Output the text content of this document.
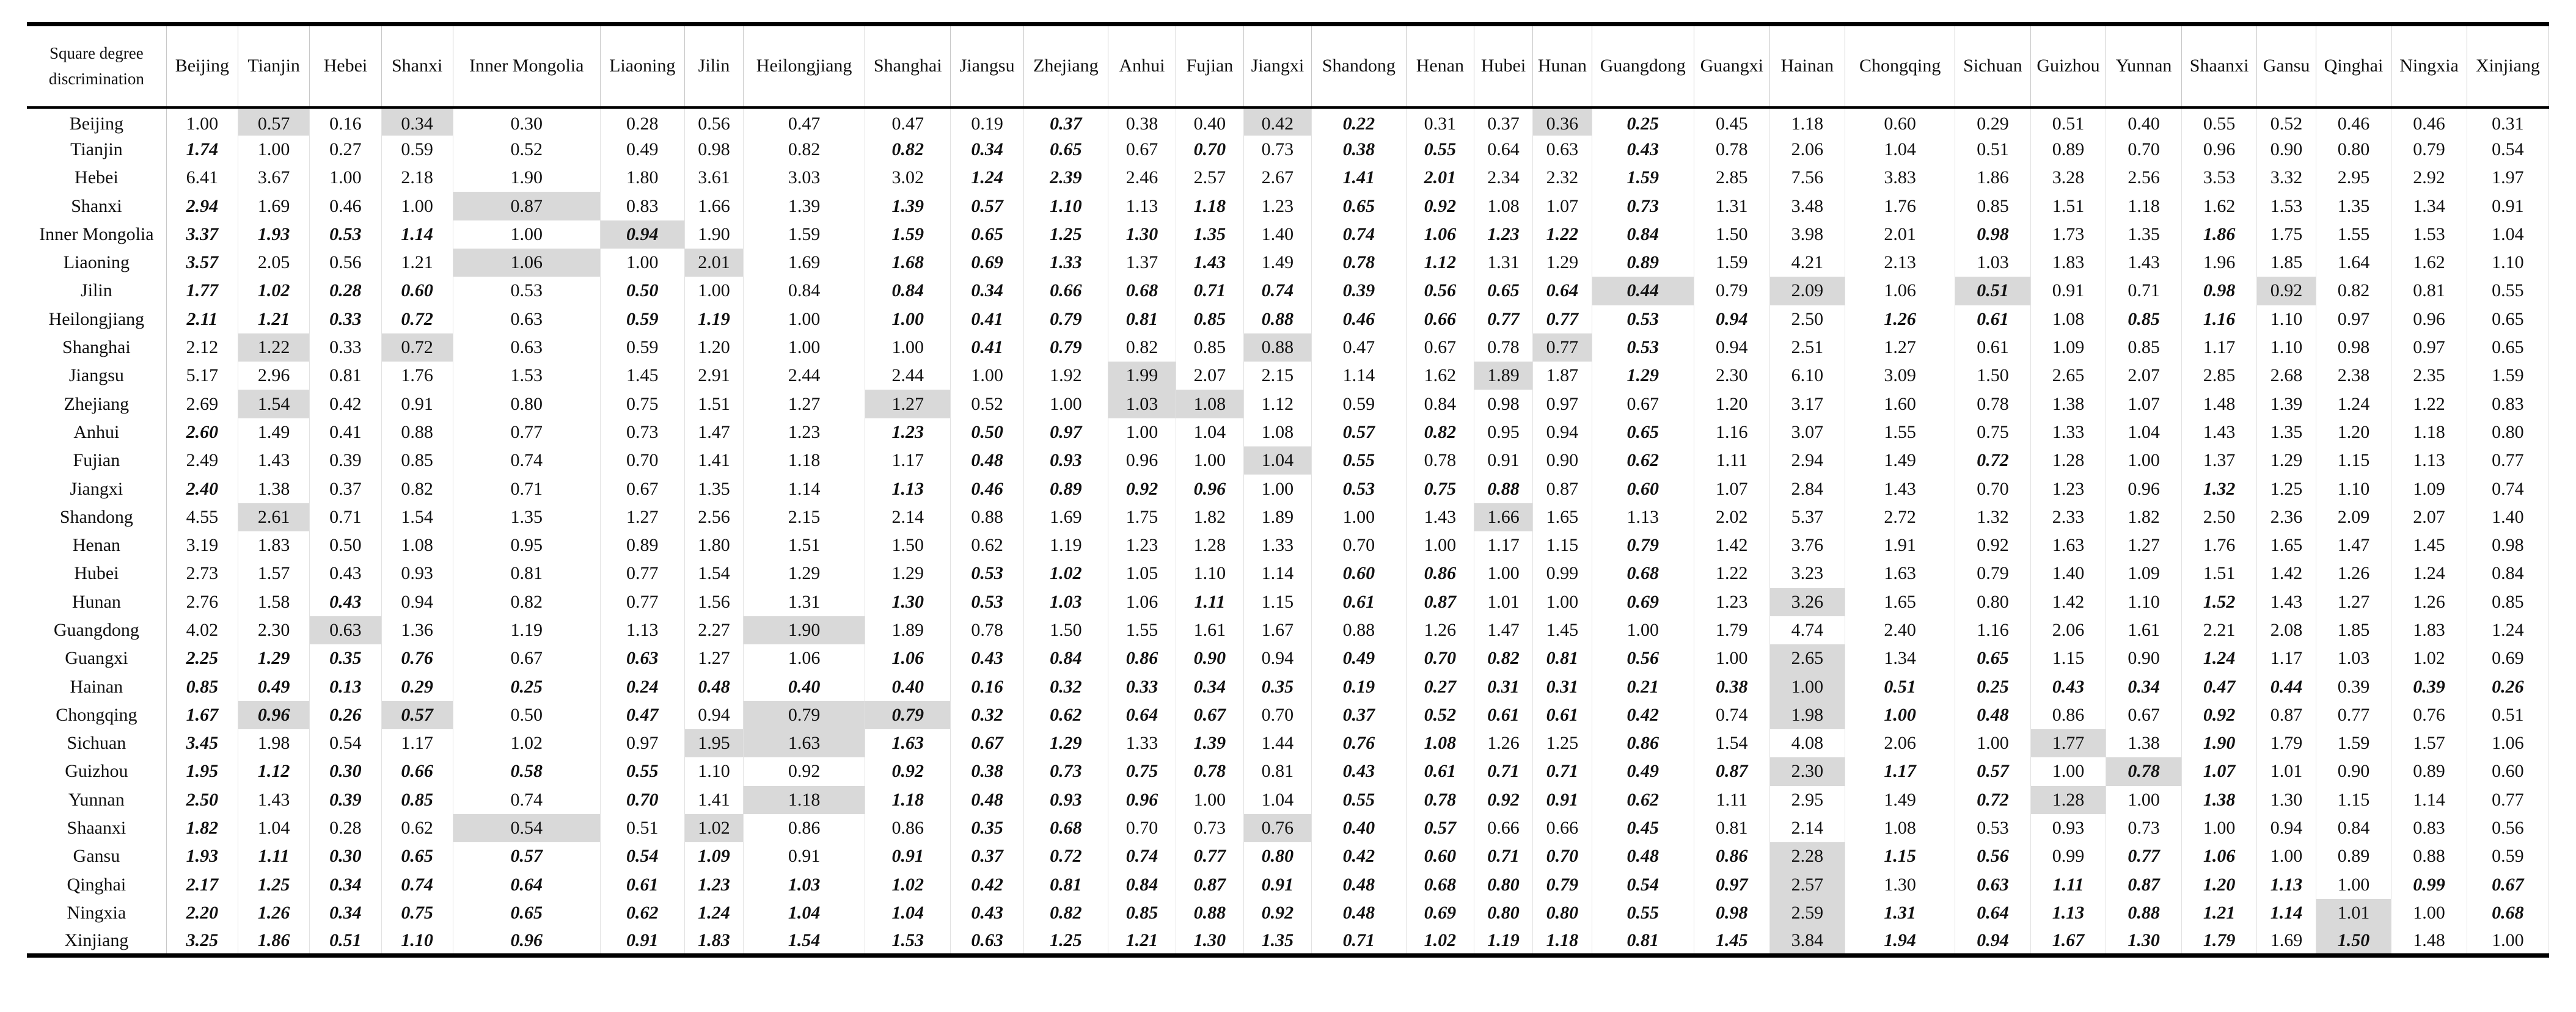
Square degree discrimination	Beijing	Tianjin	Hebei	Shanxi	Inner Mongolia	Liaoning	Jilin	Heilongjiang	Shanghai	Jiangsu	Zhejiang	Anhui	Fujian	Jiangxi	Shandong	Henan	Hubei	Hunan	Guangdong	Guangxi	Hainan	Chongqing	Sichuan	Guizhou	Yunnan	Shaanxi	Gansu	Qinghai	Ningxia	Xinjiang
Beijing	1.00	0.57	0.16	0.34	0.30	0.28	0.56	0.47	0.47	0.19	0.37	0.38	0.40	0.42	0.22	0.31	0.37	0.36	0.25	0.45	1.18	0.60	0.29	0.51	0.40	0.55	0.52	0.46	0.46	0.31
Tianjin	1.74	1.00	0.27	0.59	0.52	0.49	0.98	0.82	0.82	0.34	0.65	0.67	0.70	0.73	0.38	0.55	0.64	0.63	0.43	0.78	2.06	1.04	0.51	0.89	0.70	0.96	0.90	0.80	0.79	0.54
Hebei	6.41	3.67	1.00	2.18	1.90	1.80	3.61	3.03	3.02	1.24	2.39	2.46	2.57	2.67	1.41	2.01	2.34	2.32	1.59	2.85	7.56	3.83	1.86	3.28	2.56	3.53	3.32	2.95	2.92	1.97
Shanxi	2.94	1.69	0.46	1.00	0.87	0.83	1.66	1.39	1.39	0.57	1.10	1.13	1.18	1.23	0.65	0.92	1.08	1.07	0.73	1.31	3.48	1.76	0.85	1.51	1.18	1.62	1.53	1.35	1.34	0.91
Inner Mongolia	3.37	1.93	0.53	1.14	1.00	0.94	1.90	1.59	1.59	0.65	1.25	1.30	1.35	1.40	0.74	1.06	1.23	1.22	0.84	1.50	3.98	2.01	0.98	1.73	1.35	1.86	1.75	1.55	1.53	1.04
Liaoning	3.57	2.05	0.56	1.21	1.06	1.00	2.01	1.69	1.68	0.69	1.33	1.37	1.43	1.49	0.78	1.12	1.31	1.29	0.89	1.59	4.21	2.13	1.03	1.83	1.43	1.96	1.85	1.64	1.62	1.10
Jilin	1.77	1.02	0.28	0.60	0.53	0.50	1.00	0.84	0.84	0.34	0.66	0.68	0.71	0.74	0.39	0.56	0.65	0.64	0.44	0.79	2.09	1.06	0.51	0.91	0.71	0.98	0.92	0.82	0.81	0.55
Heilongjiang	2.11	1.21	0.33	0.72	0.63	0.59	1.19	1.00	1.00	0.41	0.79	0.81	0.85	0.88	0.46	0.66	0.77	0.77	0.53	0.94	2.50	1.26	0.61	1.08	0.85	1.16	1.10	0.97	0.96	0.65
Shanghai	2.12	1.22	0.33	0.72	0.63	0.59	1.20	1.00	1.00	0.41	0.79	0.82	0.85	0.88	0.47	0.67	0.78	0.77	0.53	0.94	2.51	1.27	0.61	1.09	0.85	1.17	1.10	0.98	0.97	0.65
Jiangsu	5.17	2.96	0.81	1.76	1.53	1.45	2.91	2.44	2.44	1.00	1.92	1.99	2.07	2.15	1.14	1.62	1.89	1.87	1.29	2.30	6.10	3.09	1.50	2.65	2.07	2.85	2.68	2.38	2.35	1.59
Zhejiang	2.69	1.54	0.42	0.91	0.80	0.75	1.51	1.27	1.27	0.52	1.00	1.03	1.08	1.12	0.59	0.84	0.98	0.97	0.67	1.20	3.17	1.60	0.78	1.38	1.07	1.48	1.39	1.24	1.22	0.83
Anhui	2.60	1.49	0.41	0.88	0.77	0.73	1.47	1.23	1.23	0.50	0.97	1.00	1.04	1.08	0.57	0.82	0.95	0.94	0.65	1.16	3.07	1.55	0.75	1.33	1.04	1.43	1.35	1.20	1.18	0.80
Fujian	2.49	1.43	0.39	0.85	0.74	0.70	1.41	1.18	1.17	0.48	0.93	0.96	1.00	1.04	0.55	0.78	0.91	0.90	0.62	1.11	2.94	1.49	0.72	1.28	1.00	1.37	1.29	1.15	1.13	0.77
Jiangxi	2.40	1.38	0.37	0.82	0.71	0.67	1.35	1.14	1.13	0.46	0.89	0.92	0.96	1.00	0.53	0.75	0.88	0.87	0.60	1.07	2.84	1.43	0.70	1.23	0.96	1.32	1.25	1.10	1.09	0.74
Shandong	4.55	2.61	0.71	1.54	1.35	1.27	2.56	2.15	2.14	0.88	1.69	1.75	1.82	1.89	1.00	1.43	1.66	1.65	1.13	2.02	5.37	2.72	1.32	2.33	1.82	2.50	2.36	2.09	2.07	1.40
Henan	3.19	1.83	0.50	1.08	0.95	0.89	1.80	1.51	1.50	0.62	1.19	1.23	1.28	1.33	0.70	1.00	1.17	1.15	0.79	1.42	3.76	1.91	0.92	1.63	1.27	1.76	1.65	1.47	1.45	0.98
Hubei	2.73	1.57	0.43	0.93	0.81	0.77	1.54	1.29	1.29	0.53	1.02	1.05	1.10	1.14	0.60	0.86	1.00	0.99	0.68	1.22	3.23	1.63	0.79	1.40	1.09	1.51	1.42	1.26	1.24	0.84
Hunan	2.76	1.58	0.43	0.94	0.82	0.77	1.56	1.31	1.30	0.53	1.03	1.06	1.11	1.15	0.61	0.87	1.01	1.00	0.69	1.23	3.26	1.65	0.80	1.42	1.10	1.52	1.43	1.27	1.26	0.85
Guangdong	4.02	2.30	0.63	1.36	1.19	1.13	2.27	1.90	1.89	0.78	1.50	1.55	1.61	1.67	0.88	1.26	1.47	1.45	1.00	1.79	4.74	2.40	1.16	2.06	1.61	2.21	2.08	1.85	1.83	1.24
Guangxi	2.25	1.29	0.35	0.76	0.67	0.63	1.27	1.06	1.06	0.43	0.84	0.86	0.90	0.94	0.49	0.70	0.82	0.81	0.56	1.00	2.65	1.34	0.65	1.15	0.90	1.24	1.17	1.03	1.02	0.69
Hainan	0.85	0.49	0.13	0.29	0.25	0.24	0.48	0.40	0.40	0.16	0.32	0.33	0.34	0.35	0.19	0.27	0.31	0.31	0.21	0.38	1.00	0.51	0.25	0.43	0.34	0.47	0.44	0.39	0.39	0.26
Chongqing	1.67	0.96	0.26	0.57	0.50	0.47	0.94	0.79	0.79	0.32	0.62	0.64	0.67	0.70	0.37	0.52	0.61	0.61	0.42	0.74	1.98	1.00	0.48	0.86	0.67	0.92	0.87	0.77	0.76	0.51
Sichuan	3.45	1.98	0.54	1.17	1.02	0.97	1.95	1.63	1.63	0.67	1.29	1.33	1.39	1.44	0.76	1.08	1.26	1.25	0.86	1.54	4.08	2.06	1.00	1.77	1.38	1.90	1.79	1.59	1.57	1.06
Guizhou	1.95	1.12	0.30	0.66	0.58	0.55	1.10	0.92	0.92	0.38	0.73	0.75	0.78	0.81	0.43	0.61	0.71	0.71	0.49	0.87	2.30	1.17	0.57	1.00	0.78	1.07	1.01	0.90	0.89	0.60
Yunnan	2.50	1.43	0.39	0.85	0.74	0.70	1.41	1.18	1.18	0.48	0.93	0.96	1.00	1.04	0.55	0.78	0.92	0.91	0.62	1.11	2.95	1.49	0.72	1.28	1.00	1.38	1.30	1.15	1.14	0.77
Shaanxi	1.82	1.04	0.28	0.62	0.54	0.51	1.02	0.86	0.86	0.35	0.68	0.70	0.73	0.76	0.40	0.57	0.66	0.66	0.45	0.81	2.14	1.08	0.53	0.93	0.73	1.00	0.94	0.84	0.83	0.56
Gansu	1.93	1.11	0.30	0.65	0.57	0.54	1.09	0.91	0.91	0.37	0.72	0.74	0.77	0.80	0.42	0.60	0.71	0.70	0.48	0.86	2.28	1.15	0.56	0.99	0.77	1.06	1.00	0.89	0.88	0.59
Qinghai	2.17	1.25	0.34	0.74	0.64	0.61	1.23	1.03	1.02	0.42	0.81	0.84	0.87	0.91	0.48	0.68	0.80	0.79	0.54	0.97	2.57	1.30	0.63	1.11	0.87	1.20	1.13	1.00	0.99	0.67
Ningxia	2.20	1.26	0.34	0.75	0.65	0.62	1.24	1.04	1.04	0.43	0.82	0.85	0.88	0.92	0.48	0.69	0.80	0.80	0.55	0.98	2.59	1.31	0.64	1.13	0.88	1.21	1.14	1.01	1.00	0.68
Xinjiang	3.25	1.86	0.51	1.10	0.96	0.91	1.83	1.54	1.53	0.63	1.25	1.21	1.30	1.35	0.71	1.02	1.19	1.18	0.81	1.45	3.84	1.94	0.94	1.67	1.30	1.79	1.69	1.50	1.48	1.00
